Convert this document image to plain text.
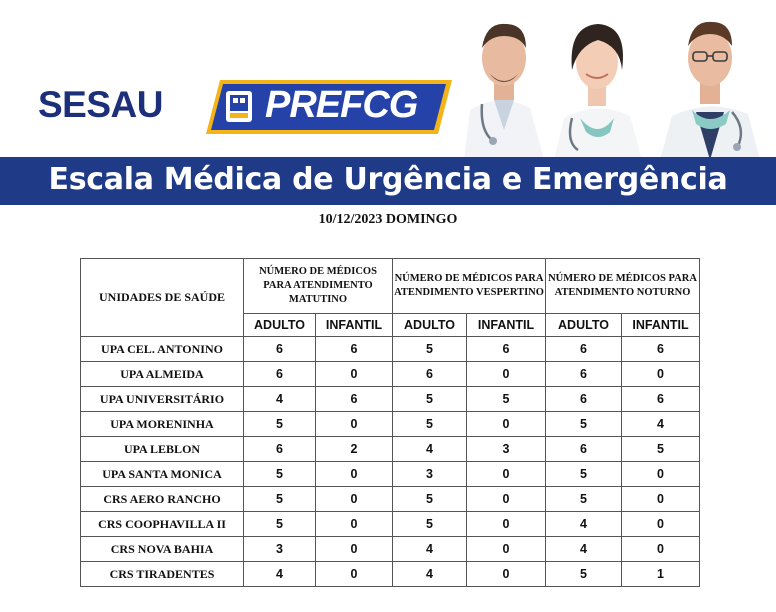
SESAU	PREFCG
Escala Médica de Urgência e Emergência
10/12/2023 DOMINGO
UNIDADES DE SAÚDE	NÚMERO DE MÉDICOS PARA ATENDIMENTO MATUTINO		NÚMERO DE MÉDICOS PARA ATENDIMENTO VESPERTINO		NÚMERO DE MÉDICOS PARA ATENDIMENTO NOTURNO	
	ADULTO	INFANTIL	ADULTO	INFANTIL	ADULTO	INFANTIL
UPA CEL. ANTONINO	6	6	5	6	6	6
UPA ALMEIDA	6	0	6	0	6	0
UPA UNIVERSITÁRIO	4	6	5	5	6	6
UPA MORENINHA	5	0	5	0	5	4
UPA LEBLON	6	2	4	3	6	5
UPA SANTA MONICA	5	0	3	0	5	0
CRS AERO RANCHO	5	0	5	0	5	0
CRS COOPHAVILLA II	5	0	5	0	4	0
CRS NOVA BAHIA	3	0	4	0	4	0
CRS TIRADENTES	4	0	4	0	5	1
